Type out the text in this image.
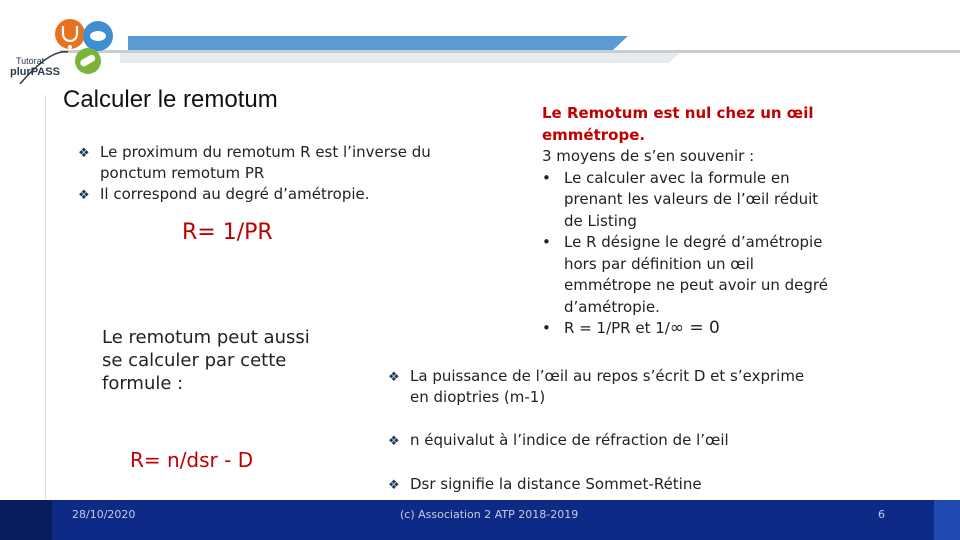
Tutorat
plurPASS
Calculer le remotum
❖ Le proximum du remotum R est l’inverse du ponctum remotum PR
❖ Il correspond au degré d’amétropie.
R= 1/PR
Le remotum peut aussi se calculer par cette formule :
R= n/dsr - D
Le Remotum est nul chez un œil emmétrope.
3 moyens de s’en souvenir :
• Le calculer avec la formule en prenant les valeurs de l’œil réduit de Listing
• Le R désigne le degré d’amétropie hors par définition un œil emmétrope ne peut avoir un degré d’amétropie.
• R = 1/PR et 1/∞ = 0
❖ La puissance de l’œil au repos s’écrit D et s’exprime en dioptries (m-1)
❖ n équivalut à l’indice de réfraction de l’œil
❖ Dsr signifie la distance Sommet-Rétine
28/10/2020	(c) Association 2 ATP 2018-2019	6
